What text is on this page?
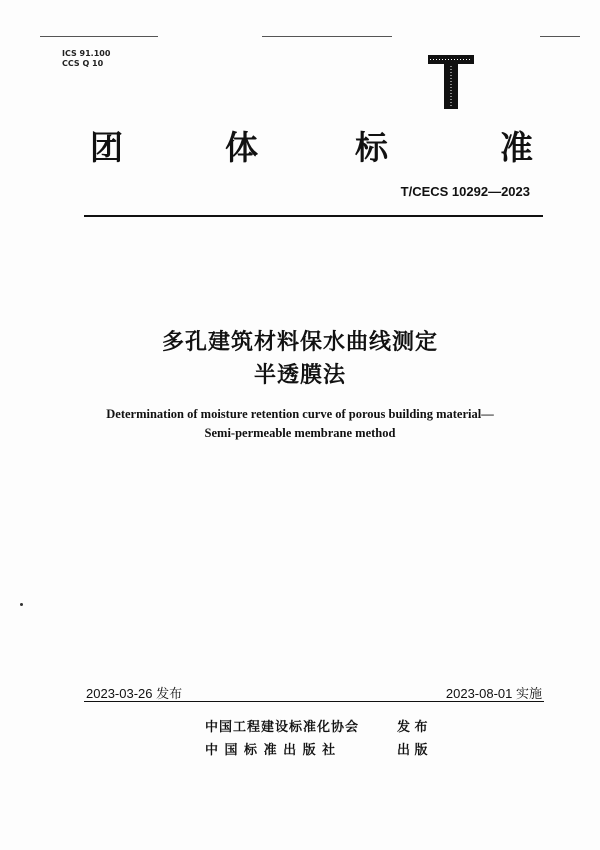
ICS 91.100
CCS Q 10
T
团	体	标	准
T/CECS 10292—2023
多孔建筑材料保水曲线测定
半透膜法
Determination of moisture retention curve of porous building material—
Semi-permeable membrane method
2023-03-26 发布	2023-08-01 实施
中国工程建设标准化协会	发 布
中 国 标 准 出 版 社	出 版
